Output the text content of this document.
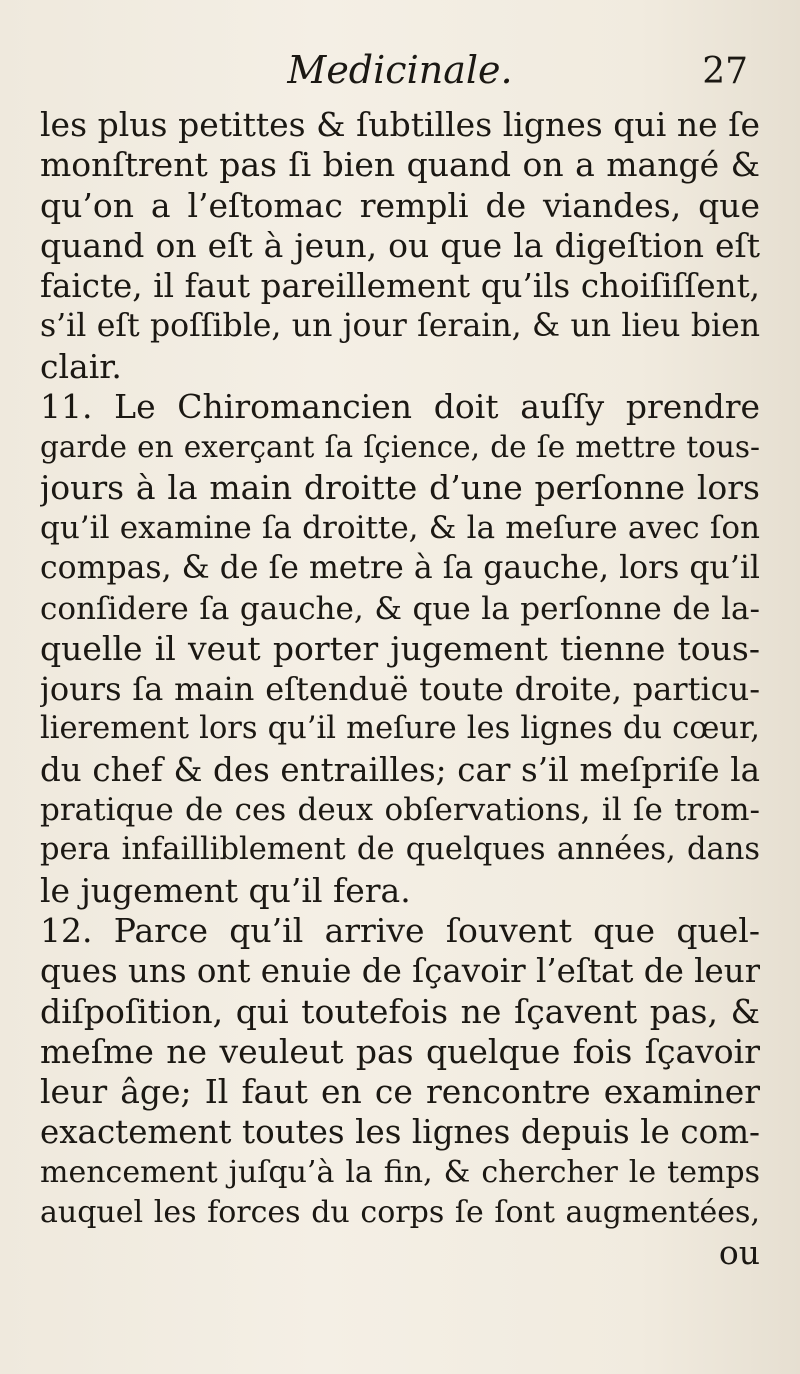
Medicinale.	27
les plus petittes & ſubtilles lignes qui ne ſe
monſtrent pas ſi bien quand on a mangé &
qu’on a l’eſtomac rempli de viandes, que
quand on eſt à jeun, ou que la digeſtion eſt
faicte, il faut pareillement qu’ils choiſiſſent,
s’il eſt poſſible, un jour ſerain, & un lieu bien
clair.
11. Le Chiromancien doit auſſy prendre
garde en exerçant ſa ſçience, de ſe mettre tous-
jours à la main droitte d’une perſonne lors
qu’il examine ſa droitte, & la meſure avec ſon
compas, & de ſe metre à ſa gauche, lors qu’il
conſidere ſa gauche, & que la perſonne de la-
quelle il veut porter jugement tienne tous-
jours ſa main eſtenduë toute droite, particu-
lierement lors qu’il meſure les lignes du cœur,
du chef & des entrailles; car s’il meſpriſe la
pratique de ces deux obſervations, il ſe trom-
pera infailliblement de quelques années, dans
le jugement qu’il fera.
12. Parce qu’il arrive ſouvent que quel-
ques uns ont enuie de ſçavoir l’eſtat de leur
diſpoſition, qui toutefois ne ſçavent pas, &
meſme ne veuleut pas quelque fois ſçavoir
leur âge; Il faut en ce rencontre examiner
exactement toutes les lignes depuis le com-
mencement juſqu’à la fin, & chercher le temps
auquel les forces du corps ſe ſont augmentées,
ou
